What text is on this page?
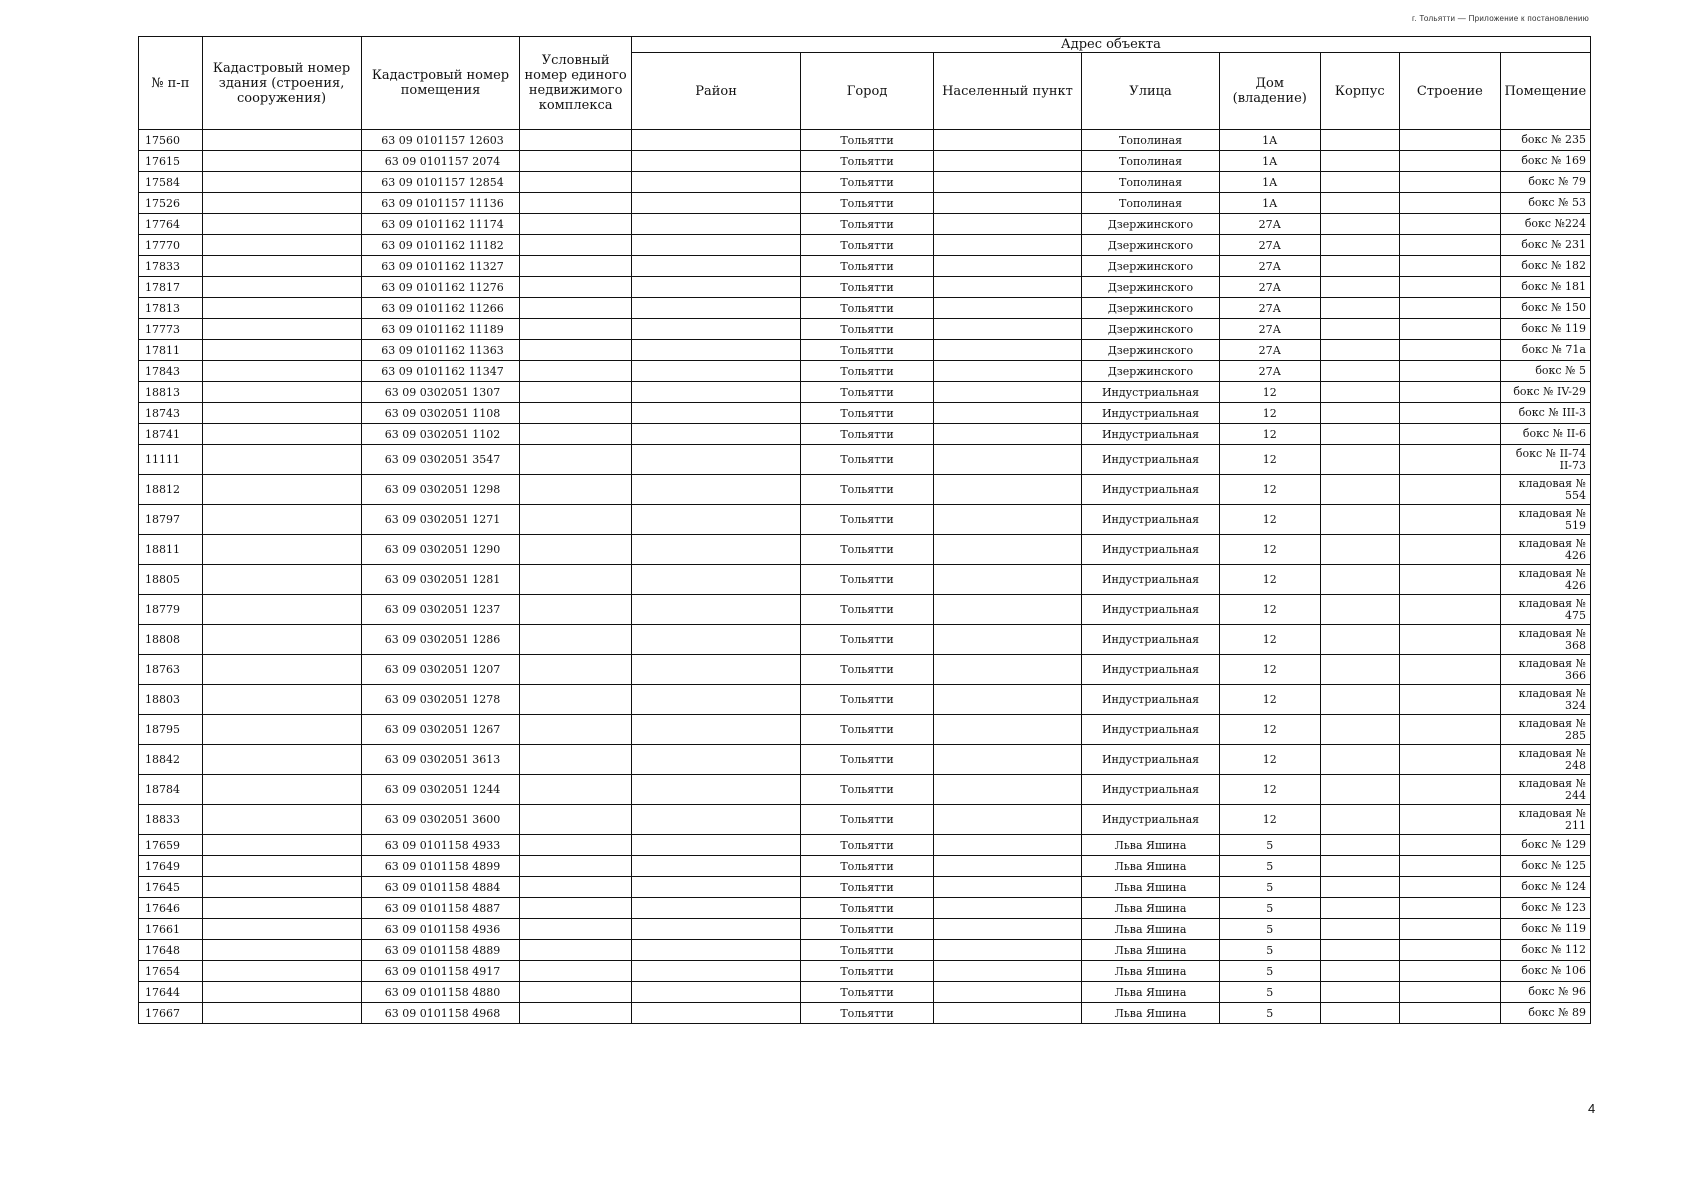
г. Тольятти — Приложение к постановлению
№ п-п	Кадастровый номер здания (строения, сооружения)	Кадастровый номер помещения	Условный номер единого недвижимого комплекса	Адрес объекта							
				Район	Город	Населенный пункт	Улица	Дом (владение)	Корпус	Строение	Помещение
17560		63 09 0101157 12603			Тольятти		Тополиная	1А			бокс № 235
17615		63 09 0101157 2074			Тольятти		Тополиная	1А			бокс № 169
17584		63 09 0101157 12854			Тольятти		Тополиная	1А			бокс № 79
17526		63 09 0101157 11136			Тольятти		Тополиная	1А			бокс № 53
17764		63 09 0101162 11174			Тольятти		Дзержинского	27А			бокс №224
17770		63 09 0101162 11182			Тольятти		Дзержинского	27А			бокс № 231
17833		63 09 0101162 11327			Тольятти		Дзержинского	27А			бокс № 182
17817		63 09 0101162 11276			Тольятти		Дзержинского	27А			бокс № 181
17813		63 09 0101162 11266			Тольятти		Дзержинского	27А			бокс № 150
17773		63 09 0101162 11189			Тольятти		Дзержинского	27А			бокс № 119
17811		63 09 0101162 11363			Тольятти		Дзержинского	27А			бокс № 71а
17843		63 09 0101162 11347			Тольятти		Дзержинского	27А			бокс № 5
18813		63 09 0302051 1307			Тольятти		Индустриальная	12			бокс № IV-29
18743		63 09 0302051 1108			Тольятти		Индустриальная	12			бокс № III-3
18741		63 09 0302051 1102			Тольятти		Индустриальная	12			бокс № II-6
11111		63 09 0302051 3547			Тольятти		Индустриальная	12			бокс № II-74 II-73
18812		63 09 0302051 1298			Тольятти		Индустриальная	12			кладовая № 554
18797		63 09 0302051 1271			Тольятти		Индустриальная	12			кладовая № 519
18811		63 09 0302051 1290			Тольятти		Индустриальная	12			кладовая № 426
18805		63 09 0302051 1281			Тольятти		Индустриальная	12			кладовая № 426
18779		63 09 0302051 1237			Тольятти		Индустриальная	12			кладовая № 475
18808		63 09 0302051 1286			Тольятти		Индустриальная	12			кладовая № 368
18763		63 09 0302051 1207			Тольятти		Индустриальная	12			кладовая № 366
18803		63 09 0302051 1278			Тольятти		Индустриальная	12			кладовая № 324
18795		63 09 0302051 1267			Тольятти		Индустриальная	12			кладовая № 285
18842		63 09 0302051 3613			Тольятти		Индустриальная	12			кладовая № 248
18784		63 09 0302051 1244			Тольятти		Индустриальная	12			кладовая № 244
18833		63 09 0302051 3600			Тольятти		Индустриальная	12			кладовая № 211
17659		63 09 0101158 4933			Тольятти		Льва Яшина	5			бокс № 129
17649		63 09 0101158 4899			Тольятти		Льва Яшина	5			бокс № 125
17645		63 09 0101158 4884			Тольятти		Льва Яшина	5			бокс № 124
17646		63 09 0101158 4887			Тольятти		Льва Яшина	5			бокс № 123
17661		63 09 0101158 4936			Тольятти		Льва Яшина	5			бокс № 119
17648		63 09 0101158 4889			Тольятти		Льва Яшина	5			бокс № 112
17654		63 09 0101158 4917			Тольятти		Льва Яшина	5			бокс № 106
17644		63 09 0101158 4880			Тольятти		Льва Яшина	5			бокс № 96
17667		63 09 0101158 4968			Тольятти		Льва Яшина	5			бокс № 89
4
